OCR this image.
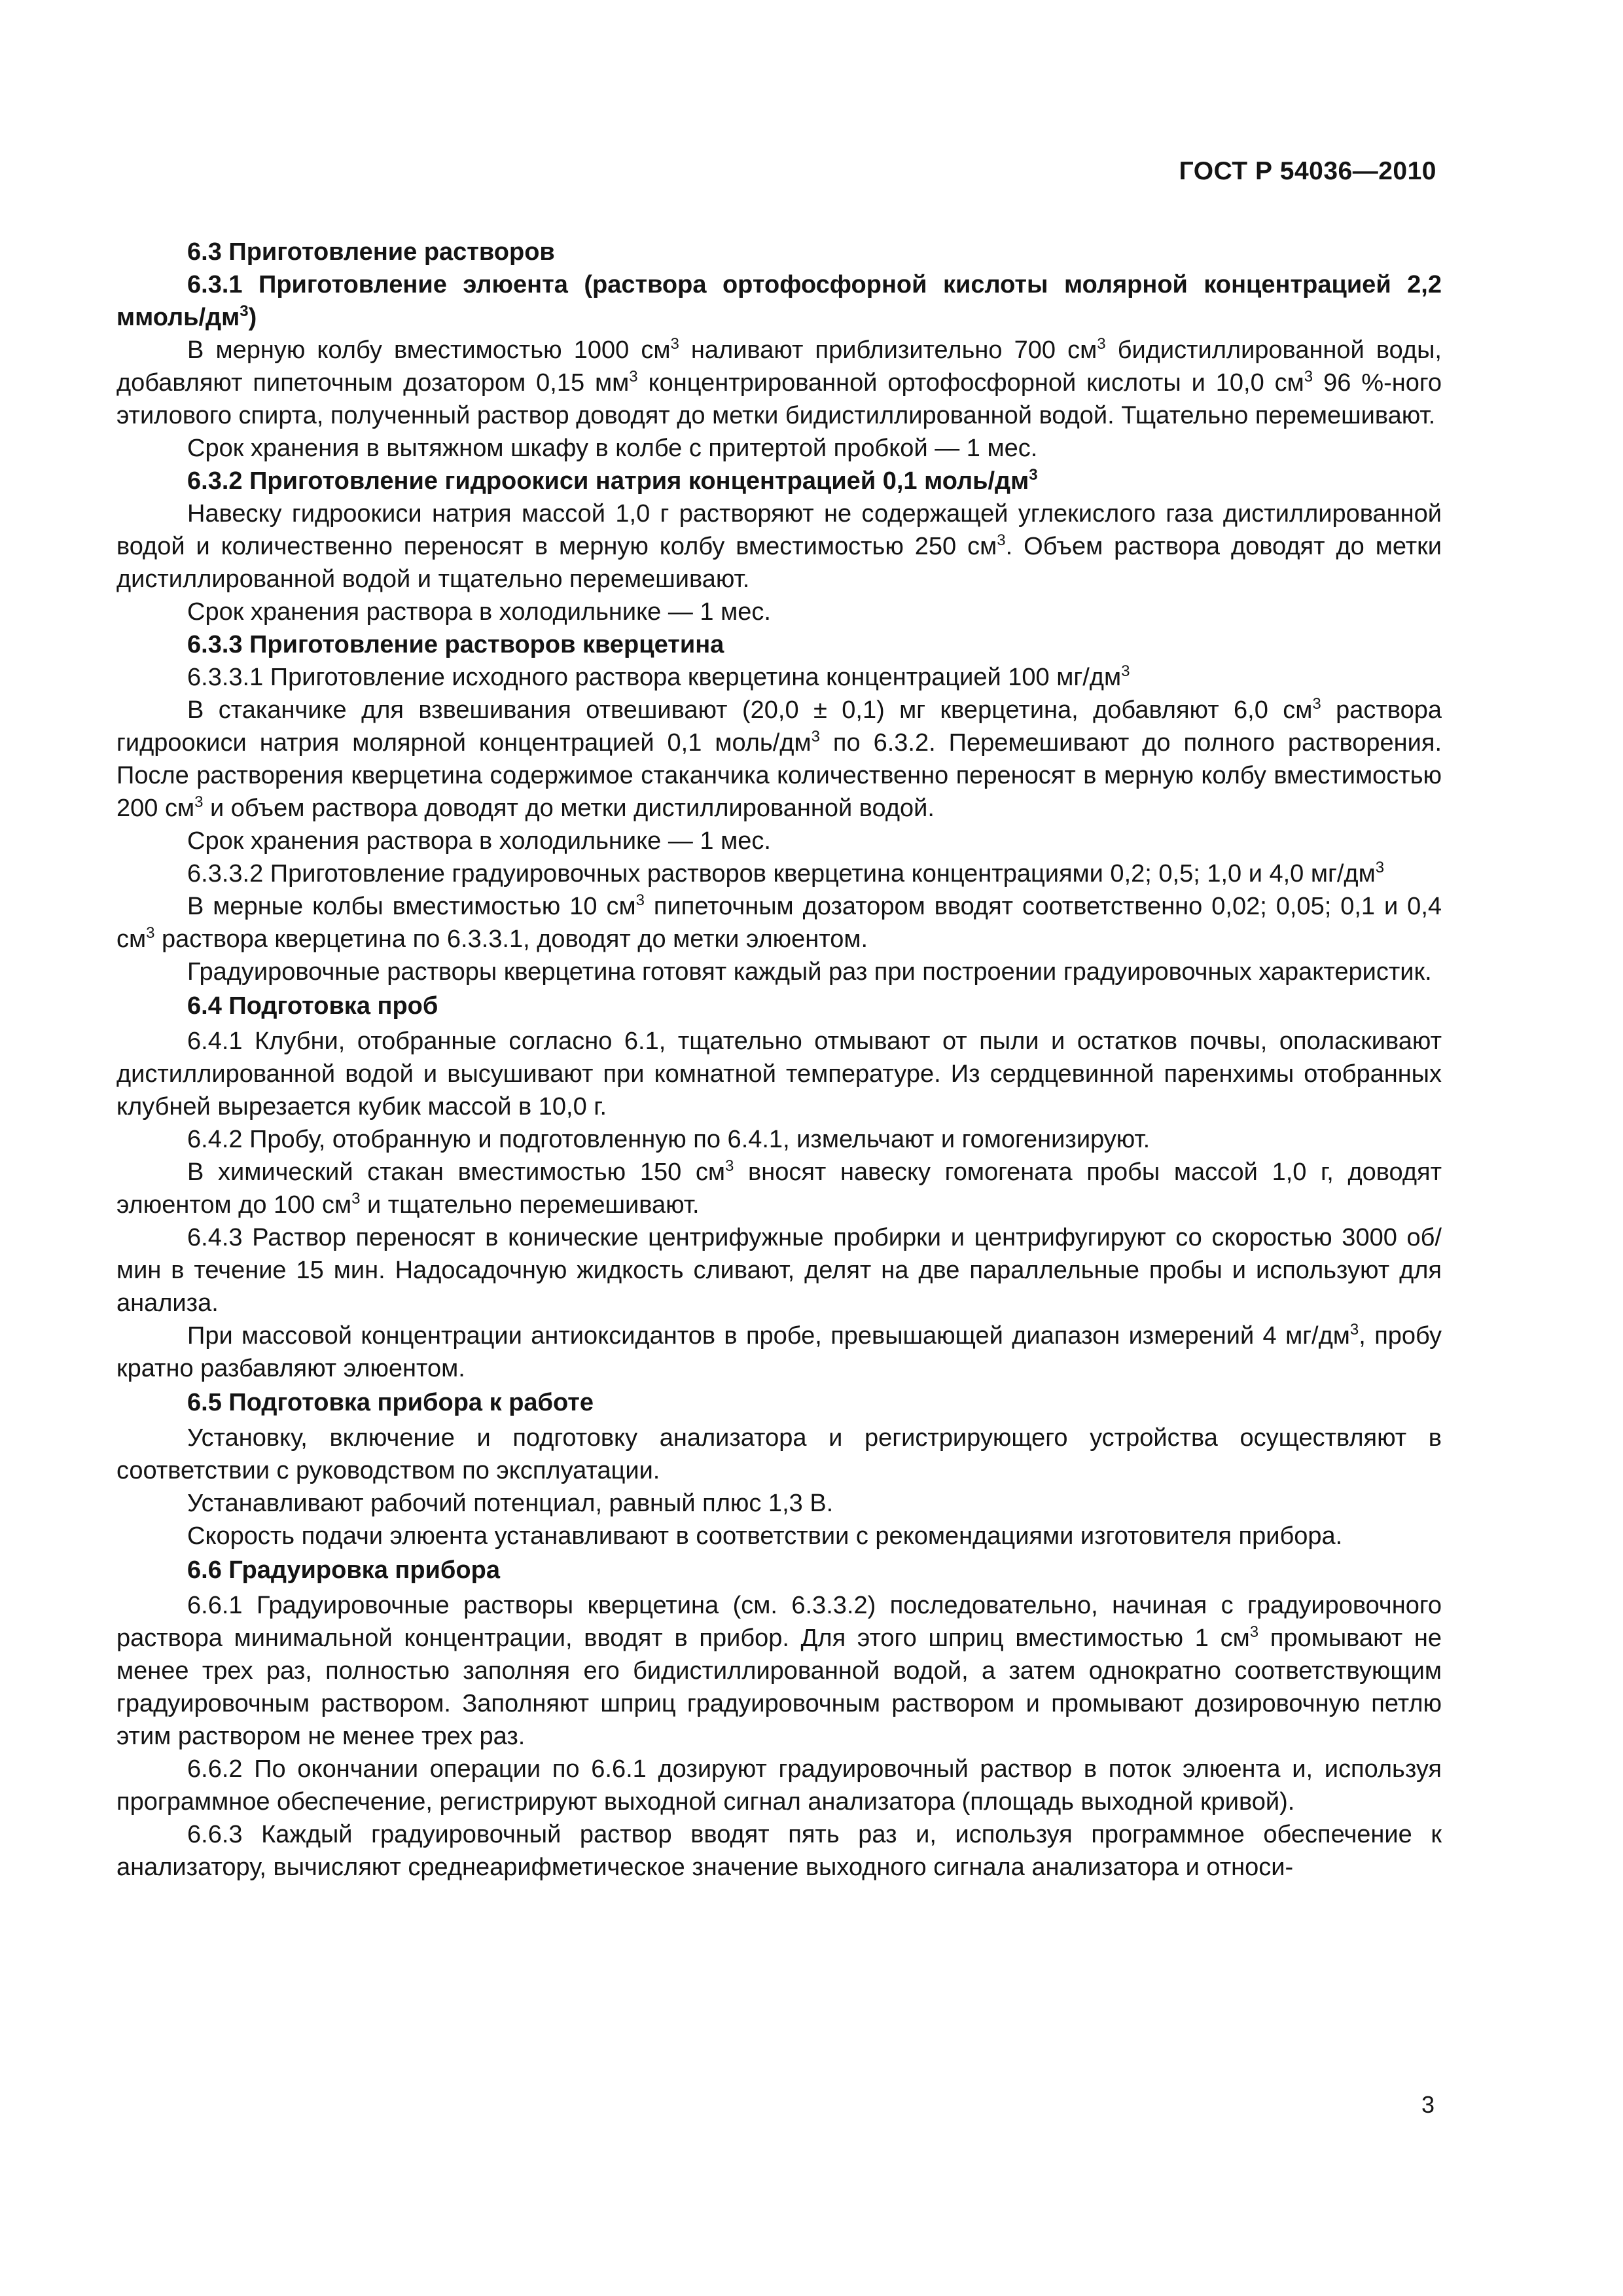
ГОСТ Р 54036—2010

6.3 Приготовление растворов

6.3.1 Приготовление элюента (раствора ортофосфорной кислоты молярной концентрацией 2,2 ммоль/$дм^3$)

В мерную колбу вместимостью 1000 $см^3$ наливают приблизительно 700 $см^3$ бидистиллированной воды, добавляют пипеточным дозатором 0,15 $мм^3$ концентрированной ортофосфорной кислоты и 10,0 $см^3$ 96 %-ного этилового спирта, полученный раствор доводят до метки бидистиллированной водой. Тщательно перемешивают.

Срок хранения в вытяжном шкафу в колбе с притертой пробкой — 1 мес.

6.3.2 Приготовление гидроокиси натрия концентрацией 0,1 моль/$дм^3$

Навеску гидроокиси натрия массой 1,0 г растворяют не содержащей углекислого газа дистиллированной водой и количественно переносят в мерную колбу вместимостью 250 $см^3$. Объем раствора доводят до метки дистиллированной водой и тщательно перемешивают.

Срок хранения раствора в холодильнике — 1 мес.

6.3.3 Приготовление растворов кверцетина

6.3.3.1 Приготовление исходного раствора кверцетина концентрацией 100 $мг/дм^3$

В стаканчике для взвешивания отвешивают (20,0 ± 0,1) мг кверцетина, добавляют 6,0 $см^3$ раствора гидроокиси натрия молярной концентрацией 0,1 моль/$дм^3$ по 6.3.2. Перемешивают до полного растворения. После растворения кверцетина содержимое стаканчика количественно переносят в мерную колбу вместимостью 200 $см^3$ и объем раствора доводят до метки дистиллированной водой.

Срок хранения раствора в холодильнике — 1 мес.

6.3.3.2 Приготовление градуировочных растворов кверцетина концентрациями 0,2; 0,5; 1,0 и 4,0 $мг/дм^3$

В мерные колбы вместимостью 10 $см^3$ пипеточным дозатором вводят соответственно 0,02; 0,05; 0,1 и 0,4 $см^3$ раствора кверцетина по 6.3.3.1, доводят до метки элюентом.

Градуировочные растворы кверцетина готовят каждый раз при построении градуировочных характеристик.

6.4 Подготовка проб

6.4.1 Клубни, отобранные согласно 6.1, тщательно отмывают от пыли и остатков почвы, ополаскивают дистиллированной водой и высушивают при комнатной температуре. Из сердцевинной паренхимы отобранных клубней вырезается кубик массой в 10,0 г.

6.4.2 Пробу, отобранную и подготовленную по 6.4.1, измельчают и гомогенизируют.

В химический стакан вместимостью 150 $см^3$ вносят навеску гомогената пробы массой 1,0 г, доводят элюентом до 100 $см^3$ и тщательно перемешивают.

6.4.3 Раствор переносят в конические центрифужные пробирки и центрифугируют со скоростью 3000 об/мин в течение 15 мин. Надосадочную жидкость сливают, делят на две параллельные пробы и используют для анализа.

При массовой концентрации антиоксидантов в пробе, превышающей диапазон измерений 4 $мг/дм^3$, пробу кратно разбавляют элюентом.

6.5 Подготовка прибора к работе

Установку, включение и подготовку анализатора и регистрирующего устройства осуществляют в соответствии с руководством по эксплуатации.

Устанавливают рабочий потенциал, равный плюс 1,3 В.

Скорость подачи элюента устанавливают в соответствии с рекомендациями изготовителя прибора.

6.6 Градуировка прибора

6.6.1 Градуировочные растворы кверцетина (см. 6.3.3.2) последовательно, начиная с градуировочного раствора минимальной концентрации, вводят в прибор. Для этого шприц вместимостью 1 $см^3$ промывают не менее трех раз, полностью заполняя его бидистиллированной водой, а затем однократно соответствующим градуировочным раствором. Заполняют шприц градуировочным раствором и промывают дозировочную петлю этим раствором не менее трех раз.

6.6.2 По окончании операции по 6.6.1 дозируют градуировочный раствор в поток элюента и, используя программное обеспечение, регистрируют выходной сигнал анализатора (площадь выходной кривой).

6.6.3 Каждый градуировочный раствор вводят пять раз и, используя программное обеспечение к анализатору, вычисляют среднеарифметическое значение выходного сигнала анализатора и относи-

3
